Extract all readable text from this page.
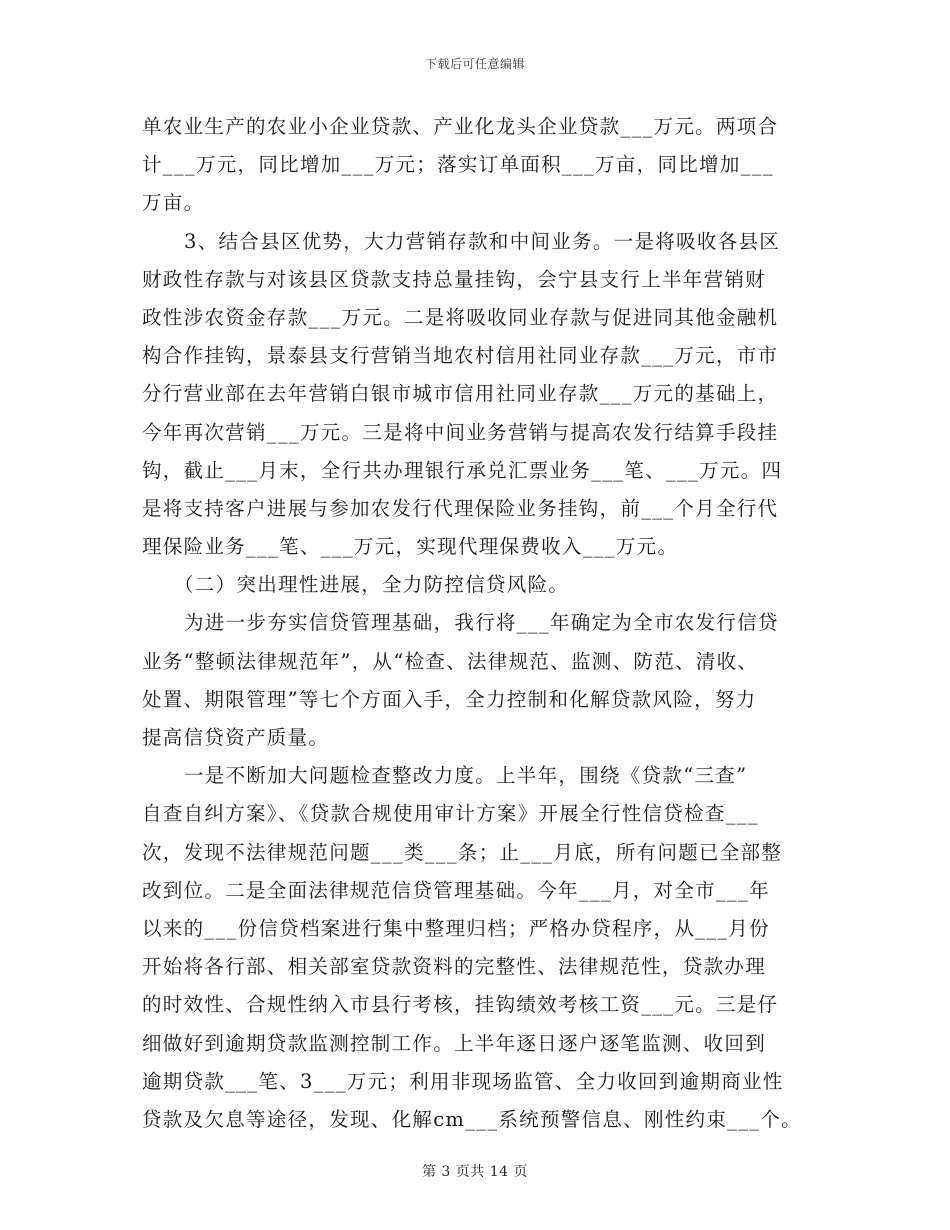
下载后可任意编辑
单农业生产的农业小企业贷款、产业化龙头企业贷款___万元。两项合
计___万元，同比增加___万元；落实订单面积___万亩，同比增加___
万亩。
3、结合县区优势，大力营销存款和中间业务。一是将吸收各县区
财政性存款与对该县区贷款支持总量挂钩，会宁县支行上半年营销财
政性涉农资金存款___万元。二是将吸收同业存款与促进同其他金融机
构合作挂钩，景泰县支行营销当地农村信用社同业存款___万元，市市
分行营业部在去年营销白银市城市信用社同业存款___万元的基础上，
今年再次营销___万元。三是将中间业务营销与提高农发行结算手段挂
钩，截止___月末，全行共办理银行承兑汇票业务___笔、___万元。四
是将支持客户进展与参加农发行代理保险业务挂钩，前___个月全行代
理保险业务___笔、___万元，实现代理保费收入___万元。
（二）突出理性进展，全力防控信贷风险。
为进一步夯实信贷管理基础，我行将___年确定为全市农发行信贷
业务“整顿法律规范年”，从“检查、法律规范、监测、防范、清收、
处置、期限管理”等七个方面入手，全力控制和化解贷款风险，努力
提高信贷资产质量。
一是不断加大问题检查整改力度。上半年，围绕《贷款“三查”
自查自纠方案》、《贷款合规使用审计方案》开展全行性信贷检查___
次，发现不法律规范问题___类___条；止___月底，所有问题已全部整
改到位。二是全面法律规范信贷管理基础。今年___月，对全市___年
以来的___份信贷档案进行集中整理归档；严格办贷程序，从___月份
开始将各行部、相关部室贷款资料的完整性、法律规范性，贷款办理
的时效性、合规性纳入市县行考核，挂钩绩效考核工资___元。三是仔
细做好到逾期贷款监测控制工作。上半年逐日逐户逐笔监测、收回到
逾期贷款___笔、3___万元；利用非现场监管、全力收回到逾期商业性
贷款及欠息等途径，发现、化解cm___系统预警信息、刚性约束___个。
第 3 页共 14 页
